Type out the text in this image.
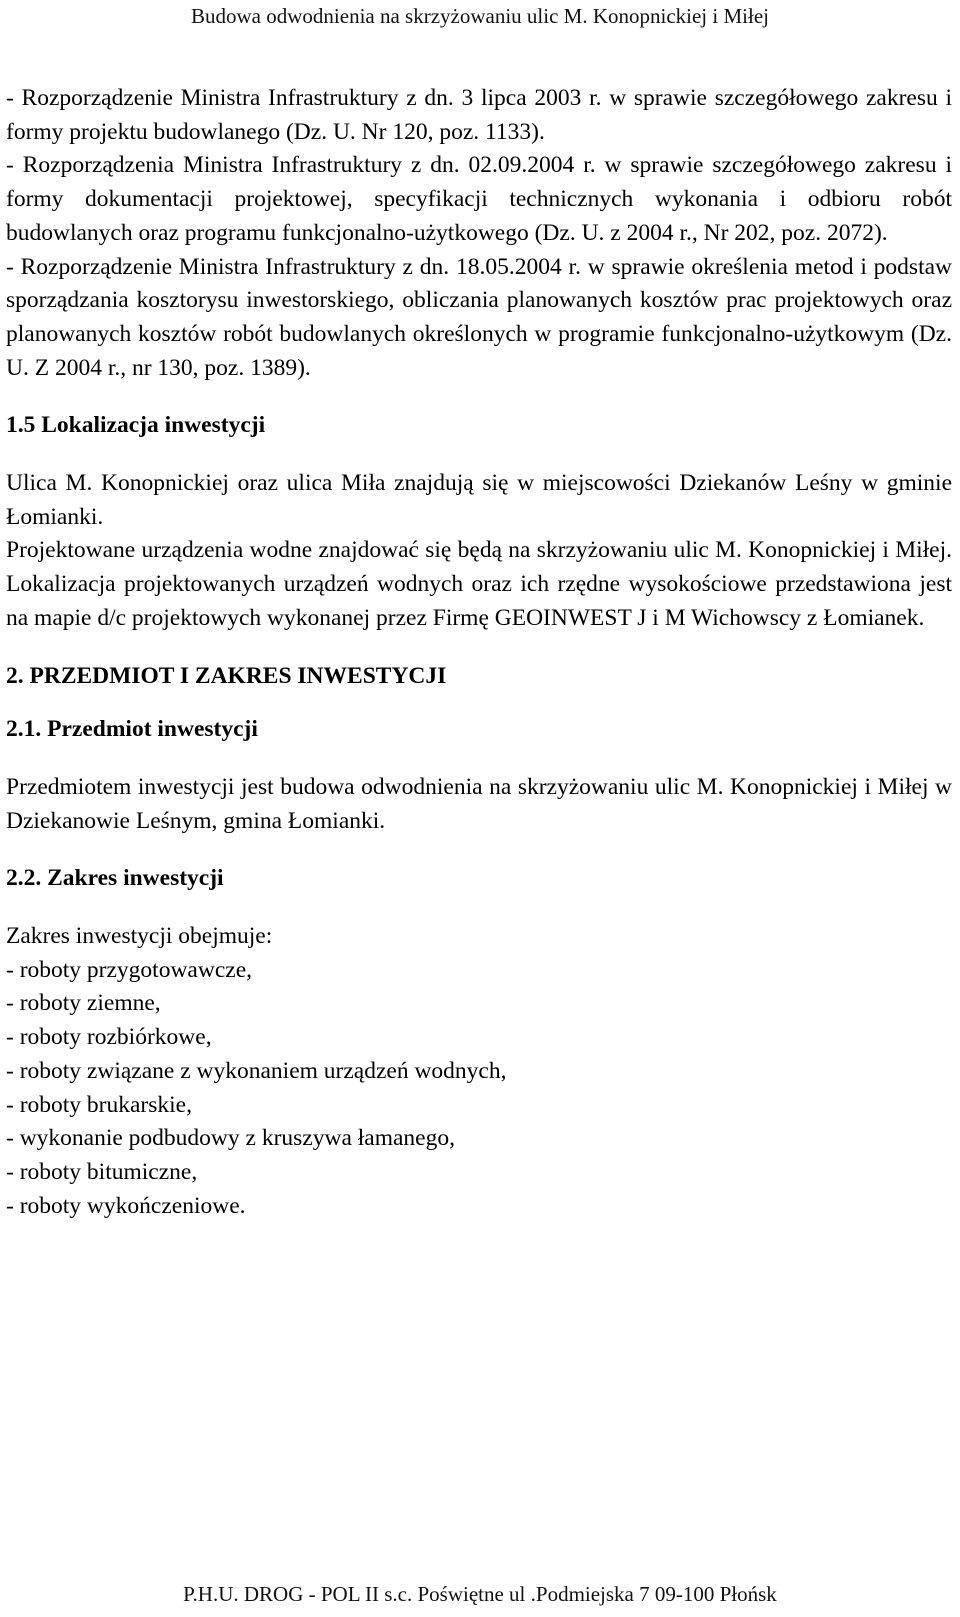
Budowa odwodnienia na skrzyżowaniu ulic M. Konopnickiej i Miłej

- Rozporządzenie Ministra Infrastruktury z dn. 3 lipca 2003 r. w sprawie szczegółowego zakresu i formy projektu budowlanego (Dz. U. Nr 120, poz. 1133).

- Rozporządzenia Ministra Infrastruktury z dn. 02.09.2004 r. w sprawie szczegółowego zakresu i formy dokumentacji projektowej, specyfikacji technicznych wykonania i odbioru robót budowlanych oraz programu funkcjonalno-użytkowego (Dz. U. z 2004 r., Nr 202, poz. 2072).

- Rozporządzenie Ministra Infrastruktury z dn. 18.05.2004 r. w sprawie określenia metod i podstaw sporządzania kosztorysu inwestorskiego, obliczania planowanych kosztów prac projektowych oraz planowanych kosztów robót budowlanych określonych w programie funkcjonalno-użytkowym (Dz. U. Z 2004 r., nr 130, poz. 1389).

1.5 Lokalizacja inwestycji

Ulica M. Konopnickiej oraz ulica Miła znajdują się w miejscowości Dziekanów Leśny w gminie Łomianki.

Projektowane urządzenia wodne znajdować się będą na skrzyżowaniu ulic M. Konopnickiej i Miłej. Lokalizacja projektowanych urządzeń wodnych oraz ich rzędne wysokościowe przedstawiona jest na mapie d/c projektowych wykonanej przez Firmę GEOINWEST J i M Wichowscy z Łomianek.

2. PRZEDMIOT I ZAKRES INWESTYCJI

2.1. Przedmiot inwestycji

Przedmiotem inwestycji jest budowa odwodnienia na skrzyżowaniu ulic M. Konopnickiej i Miłej w Dziekanowie Leśnym, gmina Łomianki.

2.2. Zakres inwestycji

Zakres inwestycji obejmuje:

- roboty przygotowawcze,
- roboty ziemne,
- roboty rozbiórkowe,
- roboty związane z wykonaniem urządzeń wodnych,
- roboty brukarskie,
- wykonanie podbudowy z kruszywa łamanego,
- roboty bitumiczne,
- roboty wykończeniowe.
P.H.U. DROG - POL II s.c. Poświętne ul .Podmiejska 7 09-100 Płońsk
